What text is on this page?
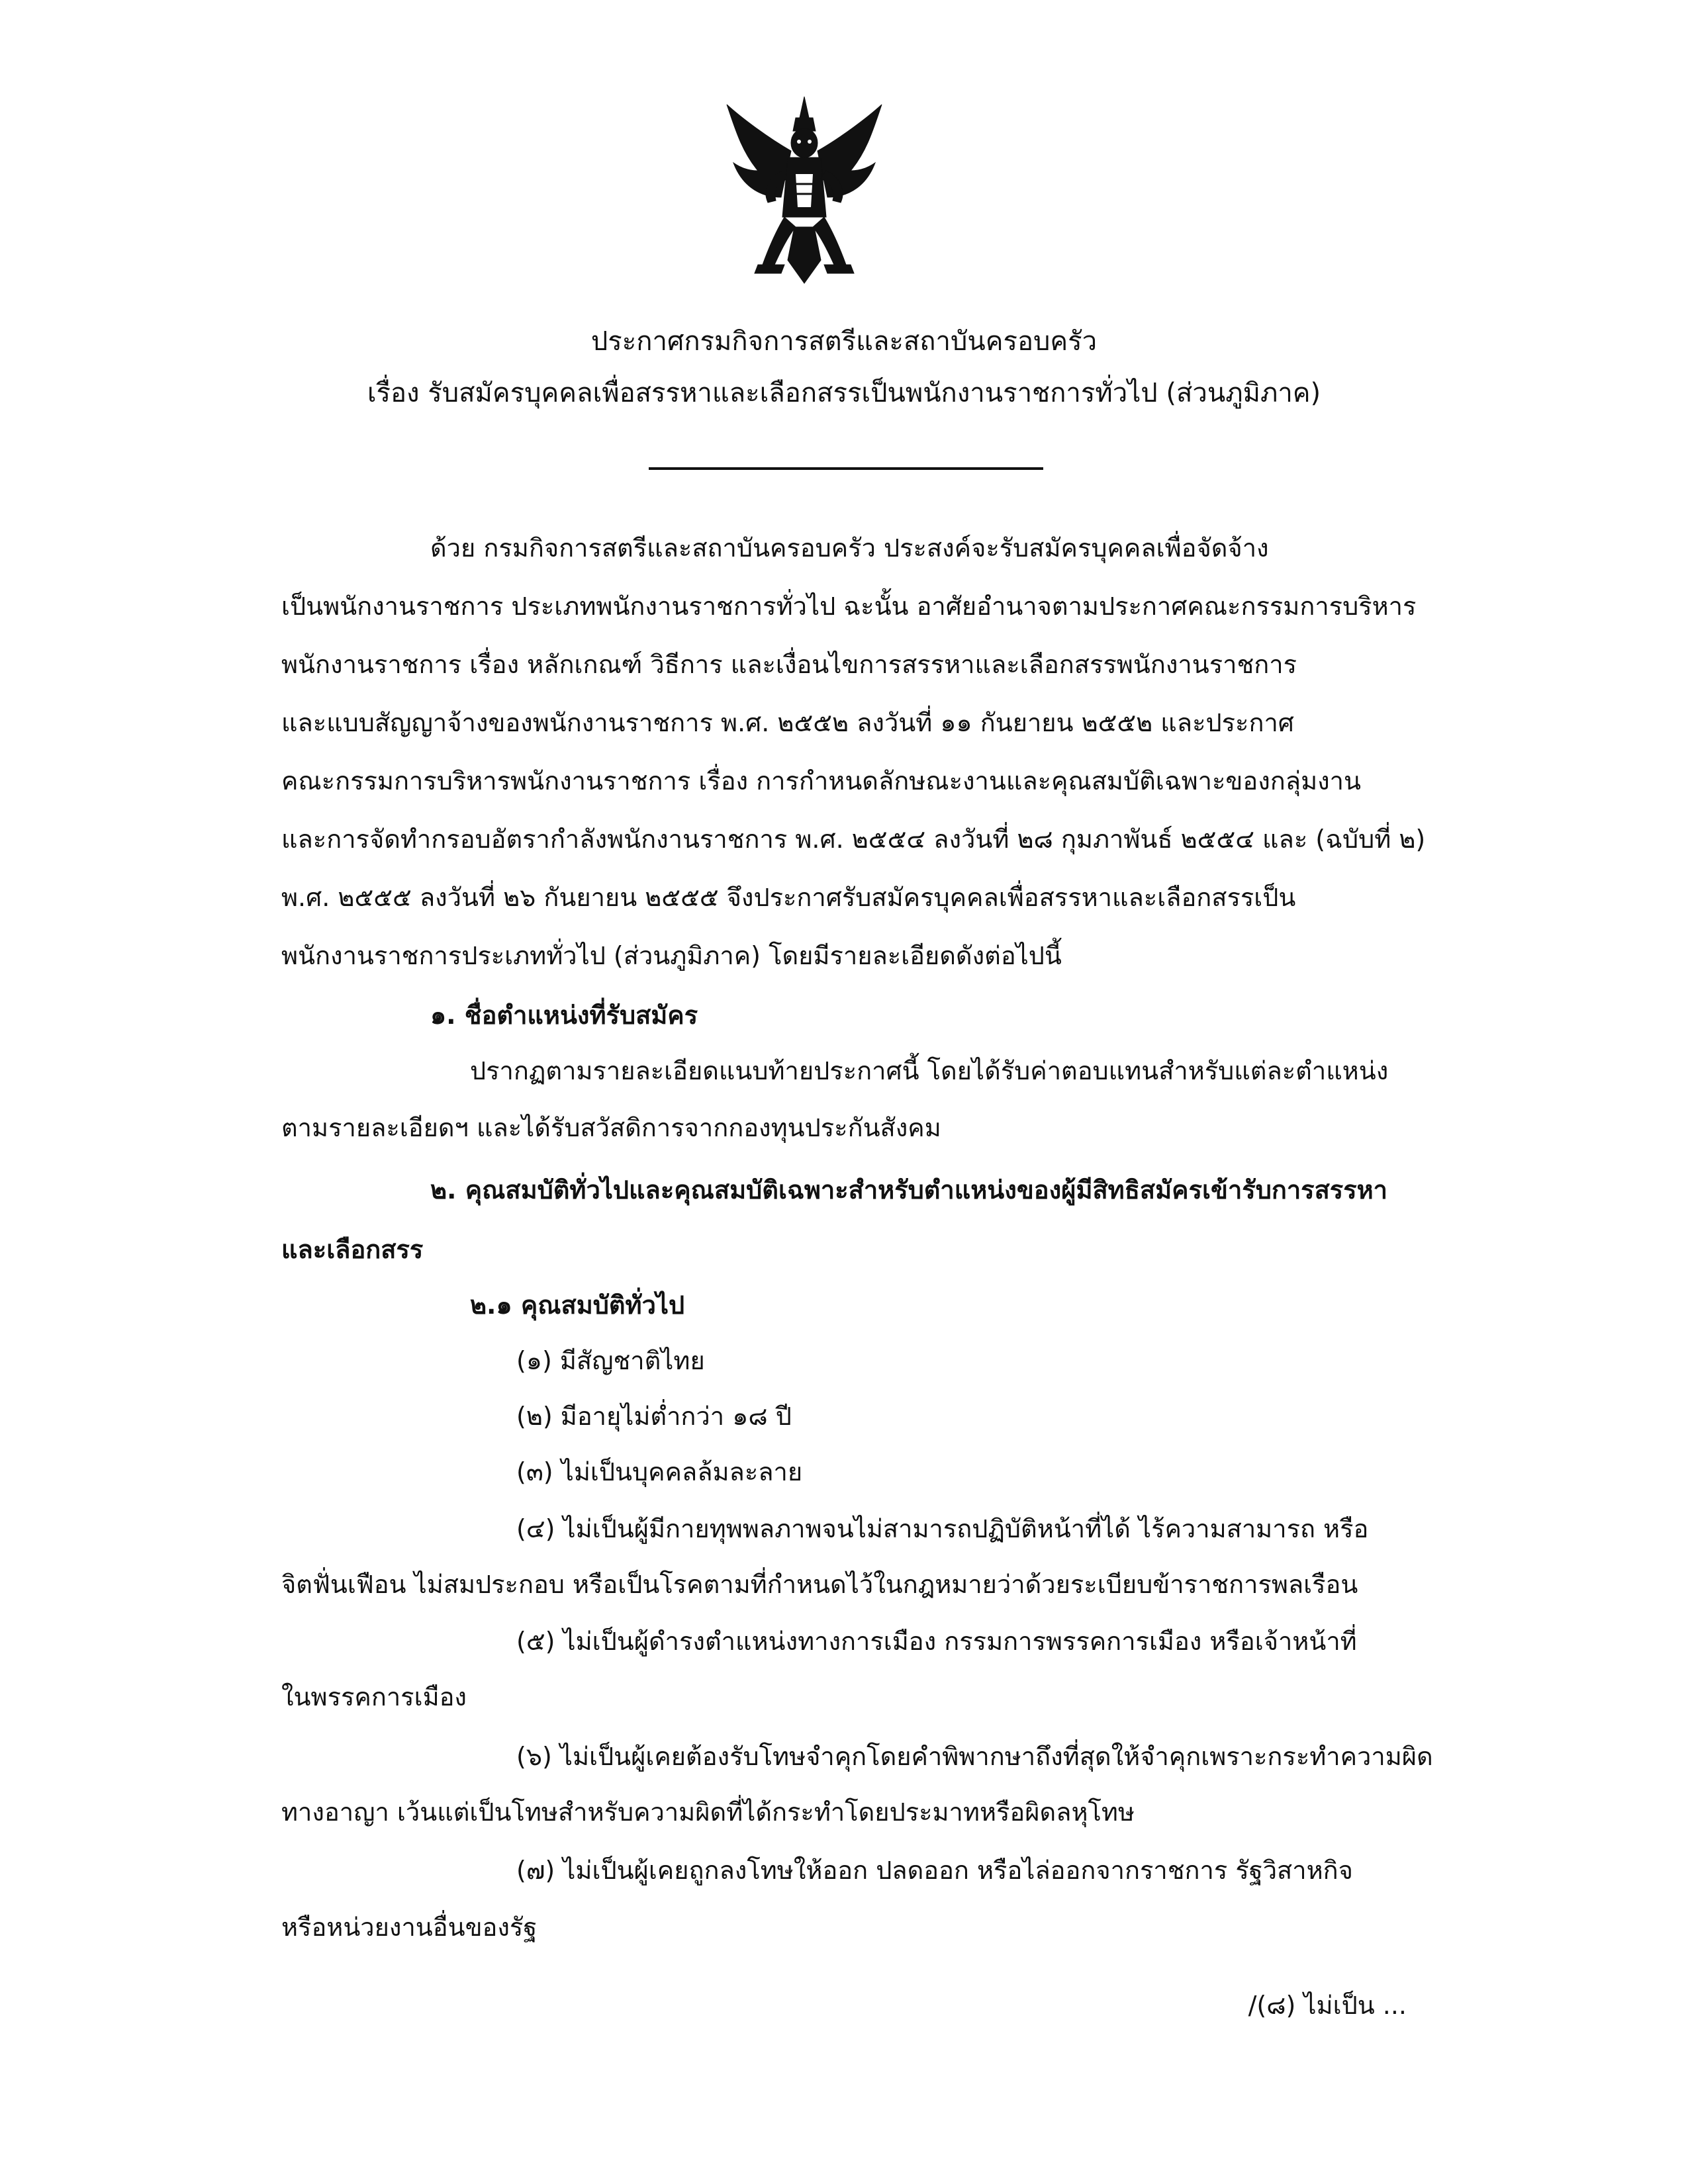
ประกาศกรมกิจการสตรีและสถาบันครอบครัว
เรื่อง รับสมัครบุคคลเพื่อสรรหาและเลือกสรรเป็นพนักงานราชการทั่วไป (ส่วนภูมิภาค)
ด้วย กรมกิจการสตรีและสถาบันครอบครัว ประสงค์จะรับสมัครบุคคลเพื่อจัดจ้าง
เป็นพนักงานราชการ ประเภทพนักงานราชการทั่วไป ฉะนั้น อาศัยอำนาจตามประกาศคณะกรรมการบริหาร
พนักงานราชการ เรื่อง หลักเกณฑ์ วิธีการ และเงื่อนไขการสรรหาและเลือกสรรพนักงานราชการ
และแบบสัญญาจ้างของพนักงานราชการ พ.ศ. ๒๕๕๒ ลงวันที่ ๑๑ กันยายน ๒๕๕๒ และประกาศ
คณะกรรมการบริหารพนักงานราชการ เรื่อง การกำหนดลักษณะงานและคุณสมบัติเฉพาะของกลุ่มงาน
และการจัดทำกรอบอัตรากำลังพนักงานราชการ พ.ศ. ๒๕๕๔ ลงวันที่ ๒๘ กุมภาพันธ์ ๒๕๕๔ และ (ฉบับที่ ๒)
พ.ศ. ๒๕๕๕ ลงวันที่ ๒๖ กันยายน ๒๕๕๕ จึงประกาศรับสมัครบุคคลเพื่อสรรหาและเลือกสรรเป็น
พนักงานราชการประเภททั่วไป (ส่วนภูมิภาค) โดยมีรายละเอียดดังต่อไปนี้
๑. ชื่อตำแหน่งที่รับสมัคร
ปรากฏตามรายละเอียดแนบท้ายประกาศนี้ โดยได้รับค่าตอบแทนสำหรับแต่ละตำแหน่ง
ตามรายละเอียดฯ และได้รับสวัสดิการจากกองทุนประกันสังคม
๒. คุณสมบัติทั่วไปและคุณสมบัติเฉพาะสำหรับตำแหน่งของผู้มีสิทธิสมัครเข้ารับการสรรหา
และเลือกสรร
๒.๑ คุณสมบัติทั่วไป
(๑) มีสัญชาติไทย
(๒) มีอายุไม่ต่ำกว่า ๑๘ ปี
(๓) ไม่เป็นบุคคลล้มละลาย
(๔) ไม่เป็นผู้มีกายทุพพลภาพจนไม่สามารถปฏิบัติหน้าที่ได้ ไร้ความสามารถ หรือ
จิตฟั่นเฟือน ไม่สมประกอบ หรือเป็นโรคตามที่กำหนดไว้ในกฎหมายว่าด้วยระเบียบข้าราชการพลเรือน
(๕) ไม่เป็นผู้ดำรงตำแหน่งทางการเมือง กรรมการพรรคการเมือง หรือเจ้าหน้าที่
ในพรรคการเมือง
(๖) ไม่เป็นผู้เคยต้องรับโทษจำคุกโดยคำพิพากษาถึงที่สุดให้จำคุกเพราะกระทำความผิด
ทางอาญา เว้นแต่เป็นโทษสำหรับความผิดที่ได้กระทำโดยประมาทหรือผิดลหุโทษ
(๗) ไม่เป็นผู้เคยถูกลงโทษให้ออก ปลดออก หรือไล่ออกจากราชการ รัฐวิสาหกิจ
หรือหน่วยงานอื่นของรัฐ
/(๘) ไม่เป็น ...
